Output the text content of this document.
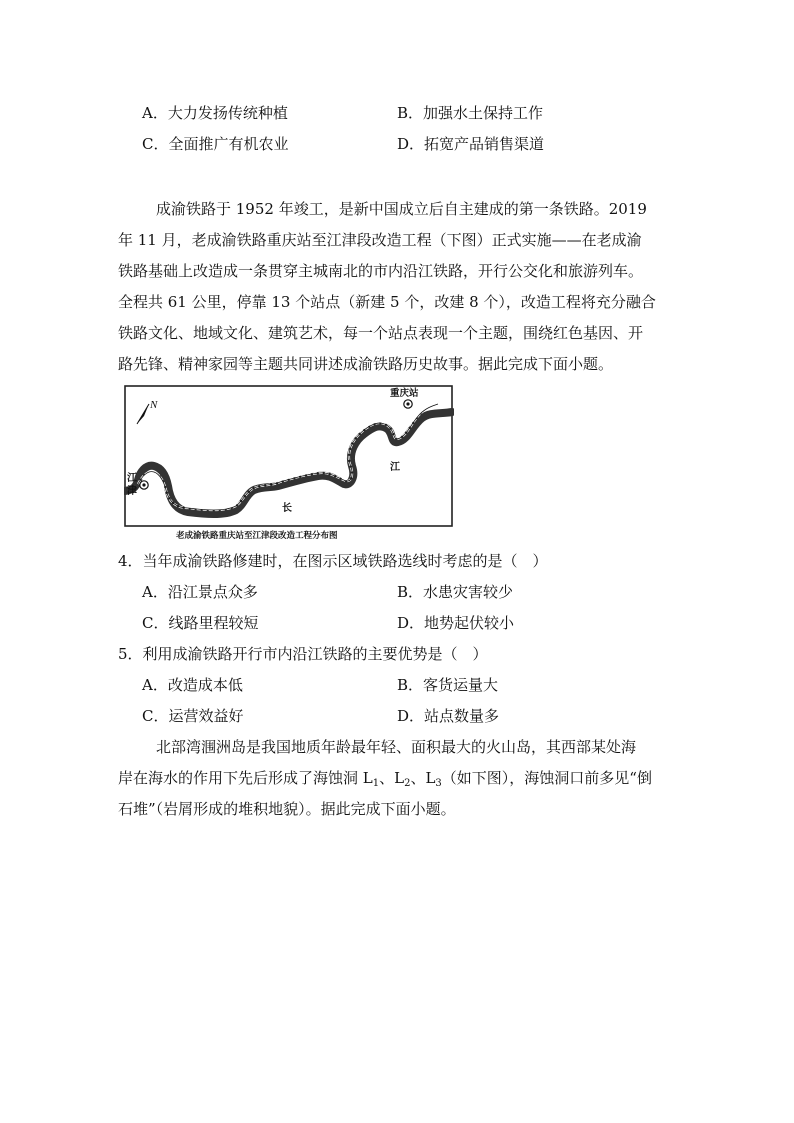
A．大力发扬传统种植	B．加强水土保持工作
C．全面推广有机农业	D．拓宽产品销售渠道
成渝铁路于 1952 年竣工，是新中国成立后自主建成的第一条铁路。2019
年 11 月，老成渝铁路重庆站至江津段改造工程（下图）正式实施——在老成渝
铁路基础上改造成一条贯穿主城南北的市内沿江铁路，开行公交化和旅游列车。
全程共 61 公里，停靠 13 个站点（新建 5 个，改建 8 个），改造工程将充分融合
铁路文化、地域文化、建筑艺术，每一个站点表现一个主题，围绕红色基因、开
路先锋、精神家园等主题共同讲述成渝铁路历史故事。据此完成下面小题。
N
重庆站
江
津
长
江
老成渝铁路重庆站至江津段改造工程分布图
4．当年成渝铁路修建时，在图示区域铁路选线时考虑的是（　）
A．沿江景点众多	B．水患灾害较少
C．线路里程较短	D．地势起伏较小
5．利用成渝铁路开行市内沿江铁路的主要优势是（　）
A．改造成本低	B．客货运量大
C．运营效益好	D．站点数量多
北部湾涠洲岛是我国地质年龄最年轻、面积最大的火山岛，其西部某处海
岸在海水的作用下先后形成了海蚀洞 $L_1$、$L_2$、$L_3$（如下图），海蚀洞口前多见“倒
石堆”（岩屑形成的堆积地貌）。据此完成下面小题。
